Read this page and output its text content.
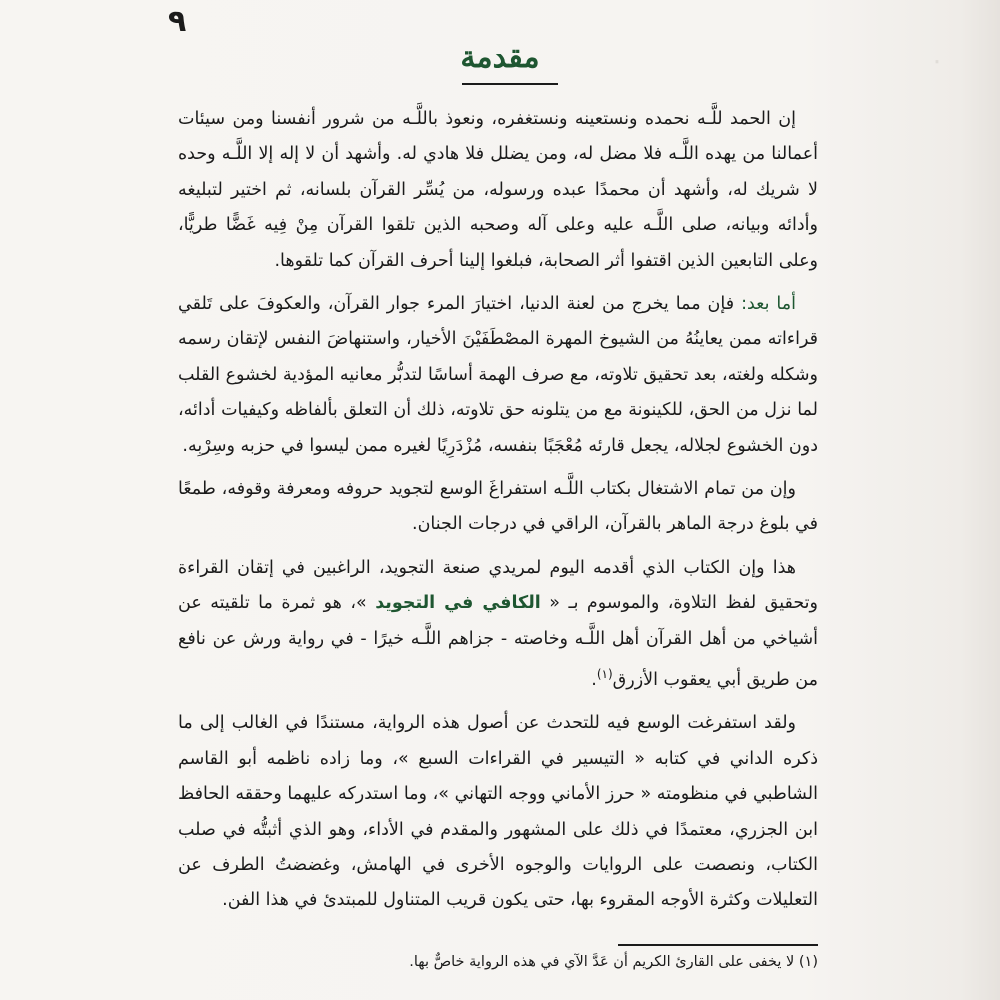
٠
٩
مقدمة

إن الحمد للَّـه نحمده ونستعينه ونستغفره، ونعوذ باللَّـه من شرور أنفسنا ومن سيئات أعمالنا من يهده اللَّـه فلا مضل له، ومن يضلل فلا هادي له. وأشهد أن لا إله إلا اللَّـه وحده لا شريك له، وأشهد أن محمدًا عبده ورسوله، من يُسِّر القرآن بلسانه، ثم اختير لتبليغه وأدائه وبيانه، صلى اللَّـه عليه وعلى آله وصحبه الذين تلقوا القرآن مِنْ فِيه غَضًّا طريًّا، وعلى التابعين الذين اقتفوا أثر الصحابة، فبلغوا إلينا أحرف القرآن كما تلقوها.

أما بعد: فإن مما يخرج من لعنة الدنيا، اختيارَ المرء جوار القرآن، والعكوفَ على تَلقي قراءاته ممن يعاينُهُ من الشيوخ المهرة المصْطَفَيْنَ الأخيار، واستنهاضَ النفس لإتقان رسمه وشكله ولغته، بعد تحقيق تلاوته، مع صرف الهمة أساسًا لتدبُّر معانيه المؤدية لخشوع القلب لما نزل من الحق، للكينونة مع من يتلونه حق تلاوته، ذلك أن التعلق بألفاظه وكيفيات أدائه، دون الخشوع لجلاله، يجعل قارئه مُعْجَبًا بنفسه، مُزْدَرِيًا لغيره ممن ليسوا في حزبه وسِرْبِه.

وإن من تمام الاشتغال بكتاب اللَّـه استفراغَ الوسع لتجويد حروفه ومعرفة وقوفه، طمعًا في بلوغ درجة الماهر بالقرآن، الراقي في درجات الجنان.

هذا وإن الكتاب الذي أقدمه اليوم لمريدي صنعة التجويد، الراغبين في إتقان القراءة وتحقيق لفظ التلاوة، والموسوم بـ « الكافي في التجويد »، هو ثمرة ما تلقيته عن أشياخي من أهل القرآن أهل اللَّـه وخاصته - جزاهم اللَّـه خيرًا - في رواية ورش عن نافع من طريق أبي يعقوب الأزرق$^{(١)}$.

ولقد استفرغت الوسع فيه للتحدث عن أصول هذه الرواية، مستندًا في الغالب إلى ما ذكره الداني في كتابه « التيسير في القراءات السبع »، وما زاده ناظمه أبو القاسم الشاطبي في منظومته « حرز الأماني ووجه التهاني »، وما استدركه عليهما وحققه الحافظ ابن الجزري، معتمدًا في ذلك على المشهور والمقدم في الأداء، وهو الذي أثبتُّه في صلب الكتاب، ونصصت على الروايات والوجوه الأخرى في الهامش، وغضضتُ الطرف عن التعليلات وكثرة الأوجه المقروء بها، حتى يكون قريب المتناول للمبتدئ في هذا الفن.

(١) لا يخفى على القارئ الكريم أن عَدَّ الآي في هذه الرواية خاصٌّ بها.
